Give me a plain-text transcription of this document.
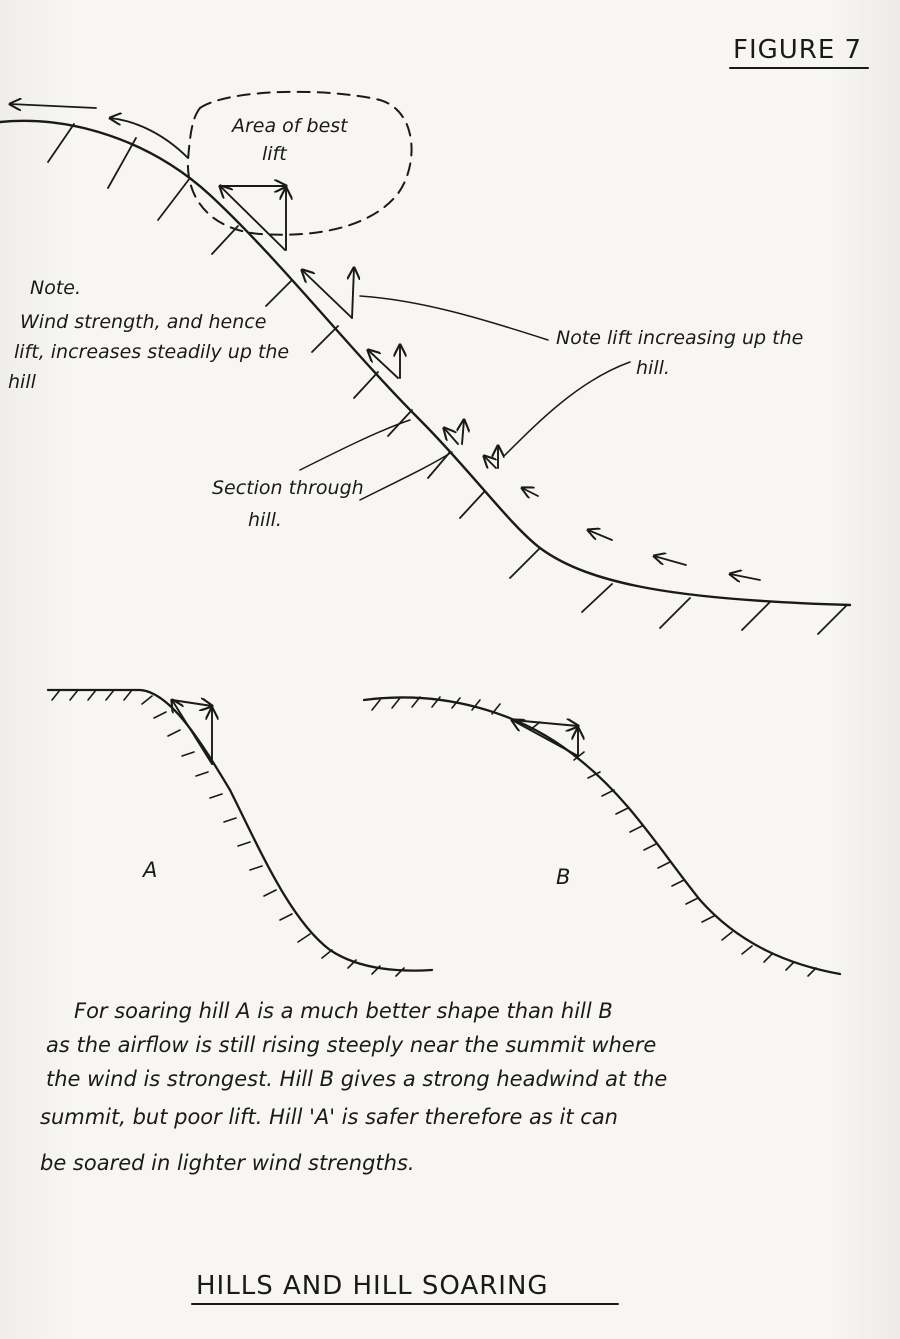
FIGURE 7
Area of best
lift
Note.
Wind strength, and hence
lift, increases steadily up the
hill
Note lift increasing up the
hill.
Section through
hill.
A	B
For soaring hill A is a much better shape than hill B
as the airflow is still rising steeply near the summit where
the wind is strongest. Hill B gives a strong headwind at the
summit, but poor lift. Hill 'A' is safer therefore as it can
be soared in lighter wind strengths.
HILLS AND HILL SOARING
